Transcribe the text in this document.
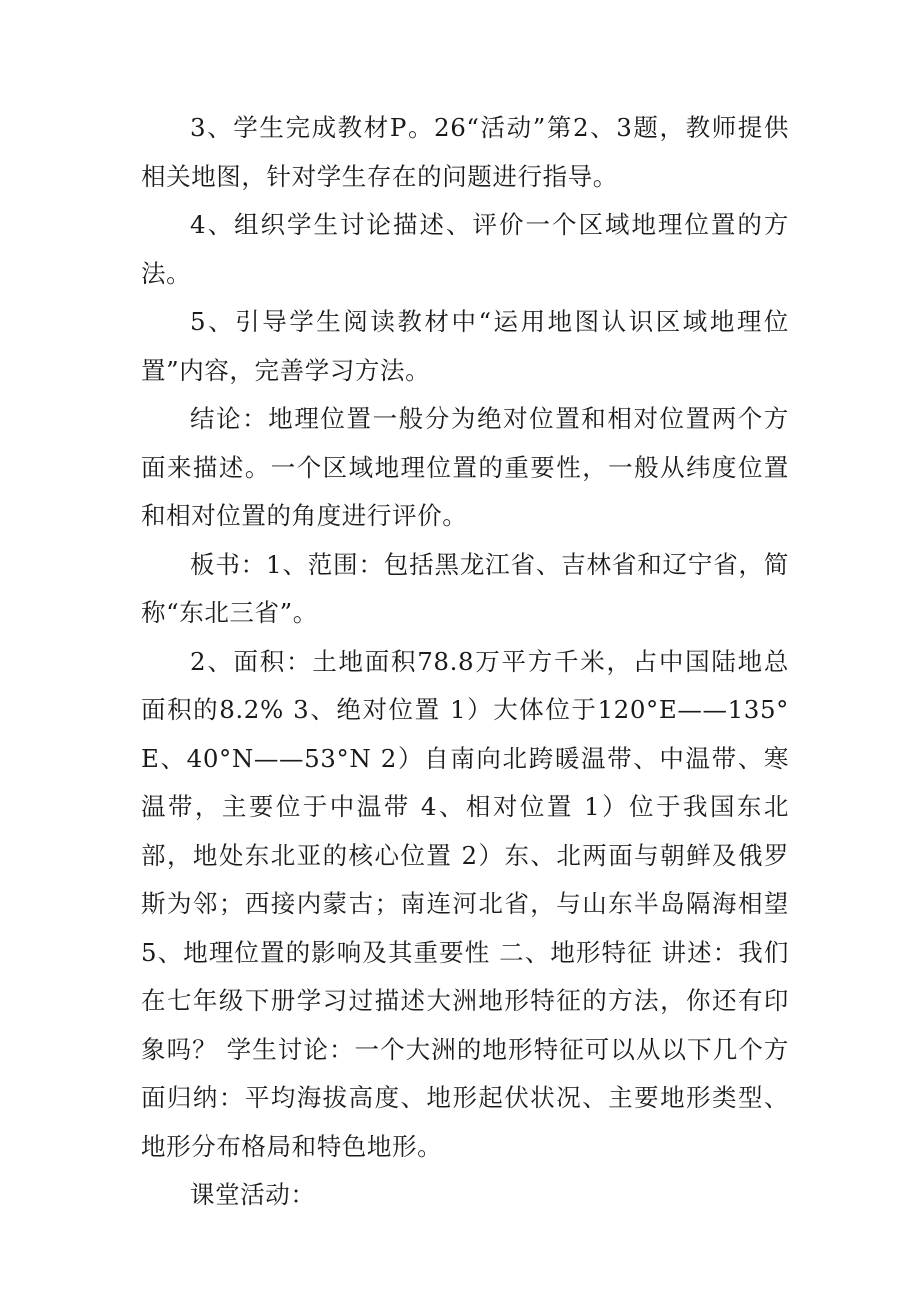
3、学生完成教材P。26“活动”第2、3题，教师提供相关地图，针对学生存在的问题进行指导。

4、组织学生讨论描述、评价一个区域地理位置的方法。

5、引导学生阅读教材中“运用地图认识区域地理位置”内容，完善学习方法。

结论：地理位置一般分为绝对位置和相对位置两个方面来描述。一个区域地理位置的重要性，一般从纬度位置和相对位置的角度进行评价。

板书：1、范围：包括黑龙江省、吉林省和辽宁省，简称“东北三省”。

2、面积：土地面积78.8万平方千米，占中国陆地总面积的8.2% 3、绝对位置 1）大体位于120°E——135°E、40°N——53°N 2）自南向北跨暖温带、中温带、寒温带，主要位于中温带 4、相对位置 1）位于我国东北部，地处东北亚的核心位置 2）东、北两面与朝鲜及俄罗斯为邻；西接内蒙古；南连河北省，与山东半岛隔海相望 5、地理位置的影响及其重要性 二、地形特征 讲述：我们在七年级下册学习过描述大洲地形特征的方法，你还有印象吗？ 学生讨论：一个大洲的地形特征可以从以下几个方面归纳：平均海拔高度、地形起伏状况、主要地形类型、地形分布格局和特色地形。

课堂活动：
